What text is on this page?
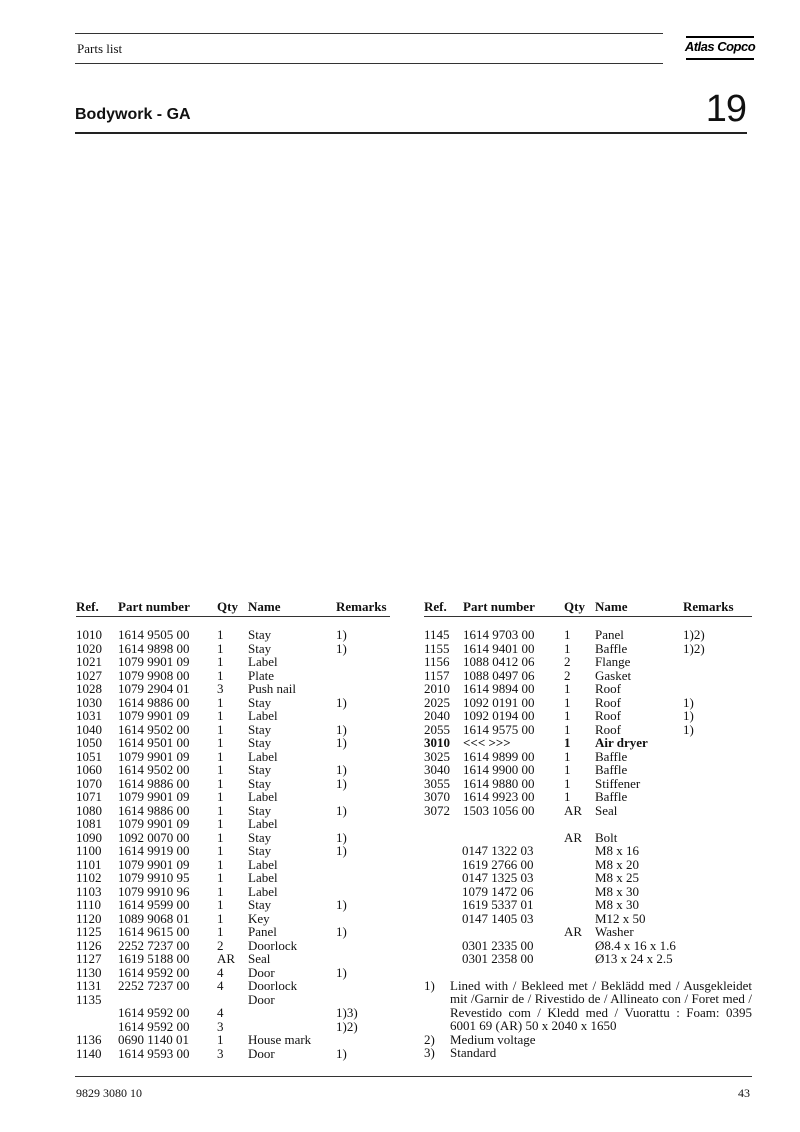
Parts list	Atlas Copco
Bodywork - GA	19
Ref. Part number Qty Name	Remarks
1010 1614 9505 00 1 Stay	1)
1020 1614 9898 00 1 Stay	1)
1021 1079 9901 09 1 Label
1027 1079 9908 00 1 Plate
1028 1079 2904 01 3 Push nail
1030 1614 9886 00 1 Stay	1)
1031 1079 9901 09 1 Label
1040 1614 9502 00 1 Stay	1)
1050 1614 9501 00 1 Stay	1)
1051 1079 9901 09 1 Label
1060 1614 9502 00 1 Stay	1)
1070 1614 9886 00 1 Stay	1)
1071 1079 9901 09 1 Label
1080 1614 9886 00 1 Stay	1)
1081 1079 9901 09 1 Label
1090 1092 0070 00 1 Stay	1)
1100 1614 9919 00 1 Stay	1)
1101 1079 9901 09 1 Label
1102 1079 9910 95 1 Label
1103 1079 9910 96 1 Label
1110 1614 9599 00 1 Stay	1)
1120 1089 9068 01 1 Key
1125 1614 9615 00 1 Panel	1)
1126 2252 7237 00 2 Doorlock
1127 1619 5188 00 AR Seal
1130 1614 9592 00 4 Door	1)
1131 2252 7237 00 4 Doorlock
1135	Door
1614 9592 00 4	1)3)
1614 9592 00 3	1)2)
1136 0690 1140 01 1 House mark
1140 1614 9593 00 3 Door	1)
Ref. Part number Qty Name	Remarks
1145 1614 9703 00 1 Panel	1)2)
1155 1614 9401 00 1 Baffle	1)2)
1156 1088 0412 06 2 Flange
1157 1088 0497 06 2 Gasket
2010 1614 9894 00 1 Roof
2025 1092 0191 00 1 Roof	1)
2040 1092 0194 00 1 Roof	1)
2055 1614 9575 00 1 Roof	1)
3010 <<< >>>	1 Air dryer
3025 1614 9899 00 1 Baffle
3040 1614 9900 00 1 Baffle
3055 1614 9880 00 1 Stiffener
3070 1614 9923 00 1 Baffle
3072 1503 1056 00 AR Seal
AR Bolt
0147 1322 03	M8 x 16
1619 2766 00	M8 x 20
0147 1325 03	M8 x 25
1079 1472 06	M8 x 30
1619 5337 01	M8 x 30
0147 1405 03	M12 x 50
AR Washer
0301 2335 00	Ø8.4 x 16 x 1.6
0301 2358 00	Ø13 x 24 x 2.5
1)	Lined with / Bekleed met / Beklädd med / Ausgekleidet mit /Garnir de / Rivestido de / Allineato con / Foret med / Revestido com / Kledd med / Vuorattu : Foam: 0395 6001 69 (AR) 50 x 2040 x 1650
2)	Medium voltage
3)	Standard
9829 3080 10	43
